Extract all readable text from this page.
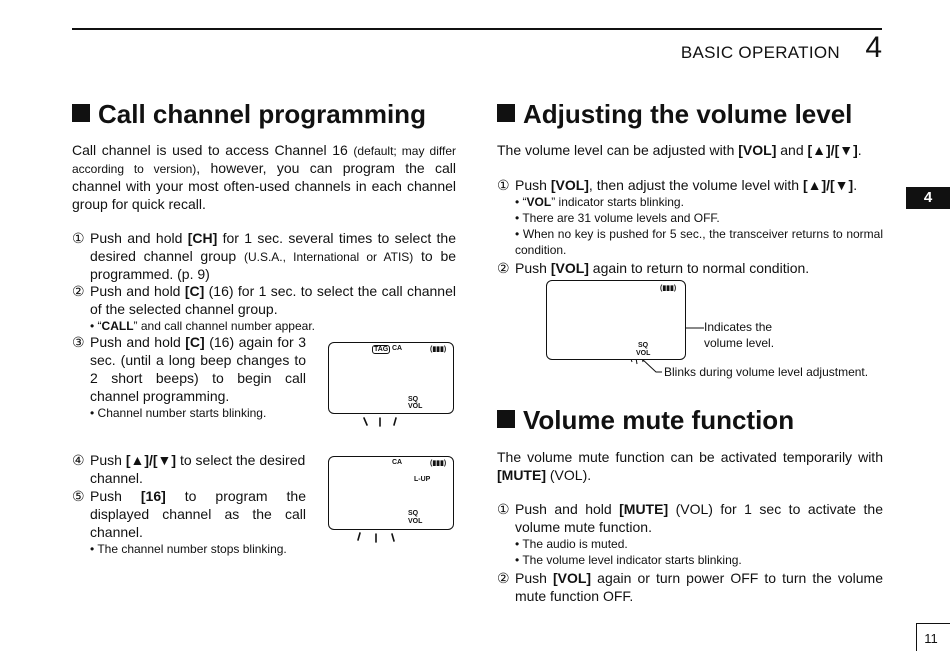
BASIC OPERATION 4
4
Call channel programming
Call channel is used to access Channel 16 (default; may differ according to version), however, you can program the call channel with your most often-used channels in each channel group for quick recall.
① Push and hold [CH] for 1 sec. several times to select the desired channel group (U.S.A., International or ATIS) to be programmed. (p. 9)
② Push and hold [C] (16) for 1 sec. to select the call channel of the selected channel group.
• “CALL” and call channel number appear.
③ Push and hold [C] (16) again for 3 sec. (until a long beep changes to 2 short beeps) to begin call channel programming.
• Channel number starts blinking.
④ Push [▲]/[▼] to select the desired channel.
⑤ Push [16] to program the displayed channel as the call channel.
• The channel number stops blinking.
TAG CA	(▮▮▮)
SQ
VOL
CA	(▮▮▮)
L-UP
SQ
VOL
Adjusting the volume level
The volume level can be adjusted with [VOL] and [▲]/[▼].
① Push [VOL], then adjust the volume level with [▲]/[▼].
• “VOL” indicator starts blinking.
• There are 31 volume levels and OFF.
• When no key is pushed for 5 sec., the transceiver returns to normal condition.
② Push [VOL] again to return to normal condition.
(▮▮▮)
SQ
VOL
Indicates the volume level.
Blinks during volume level adjustment.
Volume mute function
The volume mute function can be activated temporarily with [MUTE] (VOL).
① Push and hold [MUTE] (VOL) for 1 sec to activate the volume mute function.
• The audio is muted.
• The volume level indicator starts blinking.
② Push [VOL] again or turn power OFF to turn the volume mute function OFF.
11
